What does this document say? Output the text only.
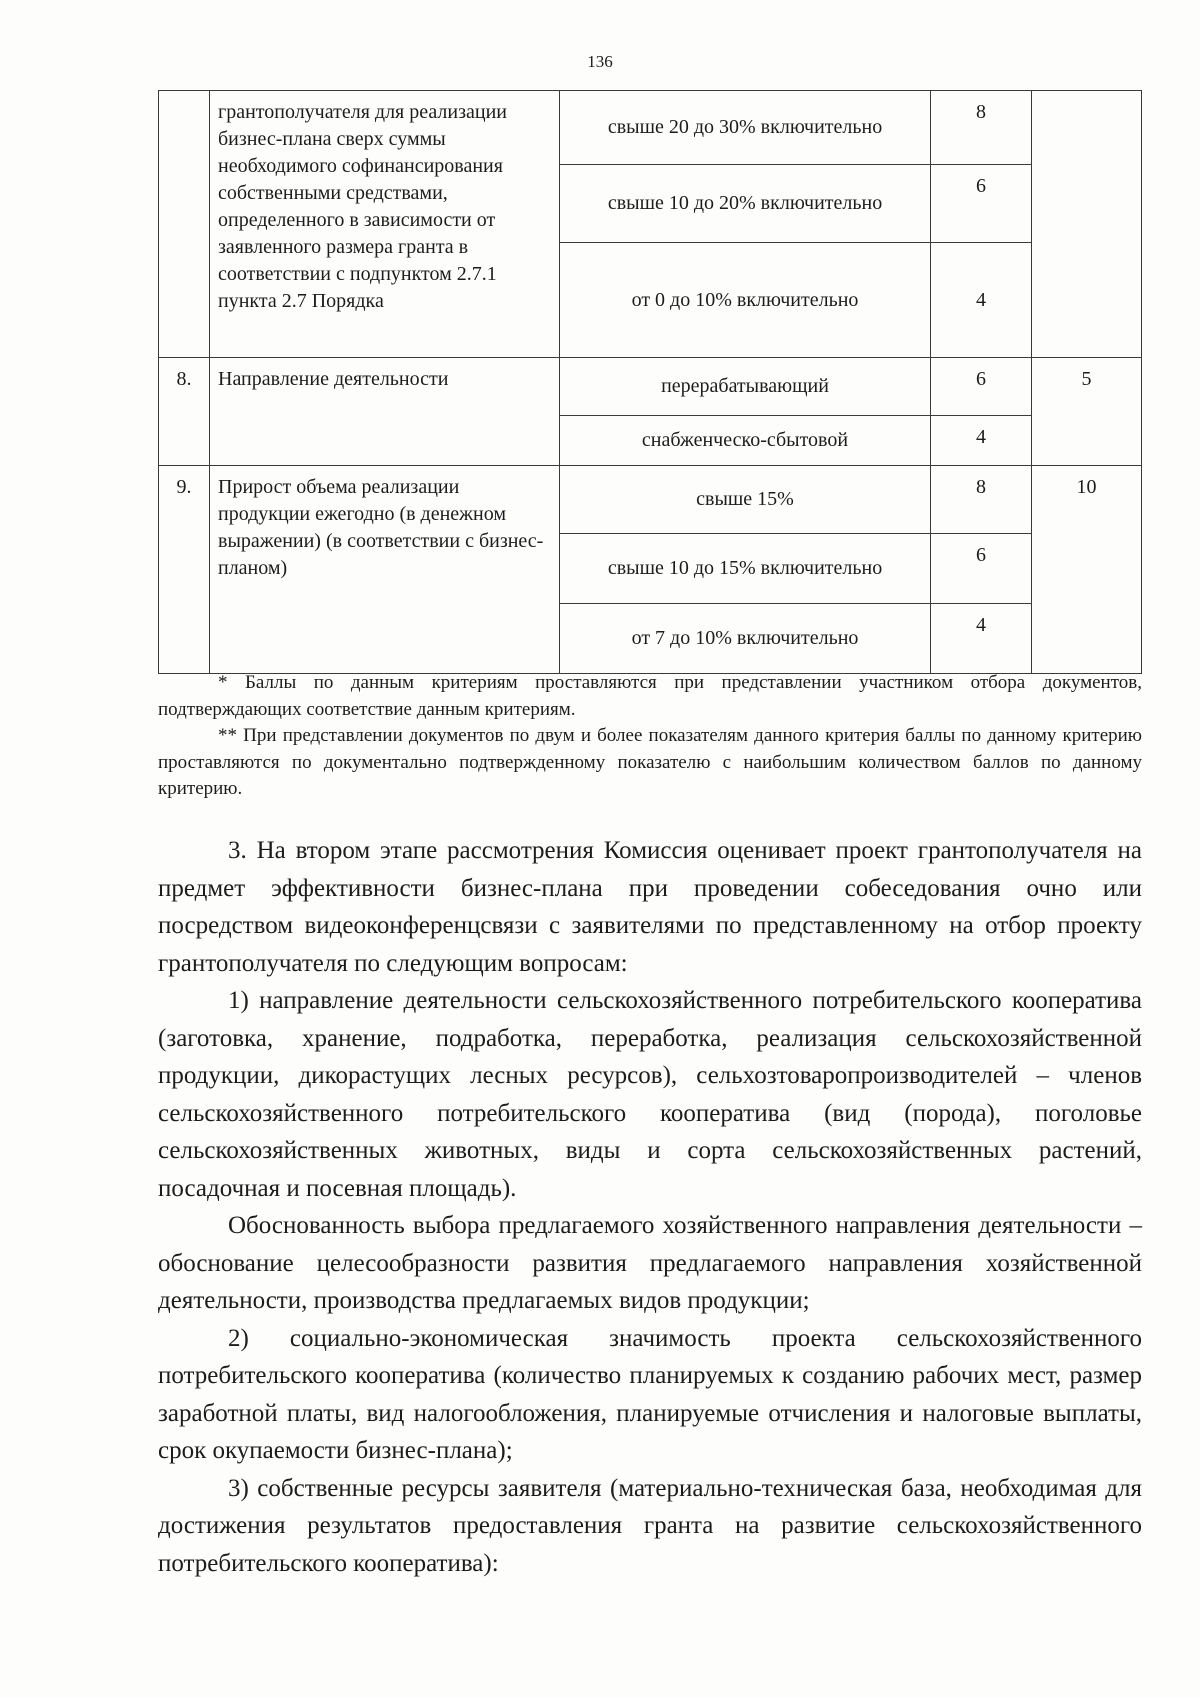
136
	грантополучателя для реализации бизнес-плана сверх суммы необходимого софинансирования собственными средствами, определенного в зависимости от заявленного размера гранта в соответствии с подпунктом 2.7.1 пункта 2.7 Порядка	свыше 20 до 30% включительно	8	
		свыше 10 до 20% включительно	6	
		от 0 до 10% включительно	4	
8.	Направление деятельности	перерабатывающий	6	5
		снабженческо-сбытовой	4	
9.	Прирост объема реализации продукции ежегодно (в денежном выражении) (в соответствии с бизнес-планом)	свыше 15%	8	10
		свыше 10 до 15% включительно	6	
		от 7 до 10% включительно	4	

* Баллы по данным критериям проставляются при представлении участником отбора документов, подтверждающих соответствие данным критериям.

** При представлении документов по двум и более показателям данного критерия баллы по данному критерию проставляются по документально подтвержденному показателю с наибольшим количеством баллов по данному критерию.

3. На втором этапе рассмотрения Комиссия оценивает проект грантополучателя на предмет эффективности бизнес-плана при проведении собеседования очно или посредством видеоконференцсвязи с заявителями по представленному на отбор проекту грантополучателя по следующим вопросам:

1) направление деятельности сельскохозяйственного потребительского кооператива (заготовка, хранение, подработка, переработка, реализация сельскохозяйственной продукции, дикорастущих лесных ресурсов), сельхозтоваропроизводителей – членов сельскохозяйственного потребительского кооператива (вид (порода), поголовье сельскохозяйственных животных, виды и сорта сельскохозяйственных растений, посадочная и посевная площадь).

Обоснованность выбора предлагаемого хозяйственного направления деятельности – обоснование целесообразности развития предлагаемого направления хозяйственной деятельности, производства предлагаемых видов продукции;

2) социально-экономическая значимость проекта сельскохозяйственного потребительского кооператива (количество планируемых к созданию рабочих мест, размер заработной платы, вид налогообложения, планируемые отчисления и налоговые выплаты, срок окупаемости бизнес-плана);

3) собственные ресурсы заявителя (материально-техническая база, необходимая для достижения результатов предоставления гранта на развитие сельскохозяйственного потребительского кооператива):
